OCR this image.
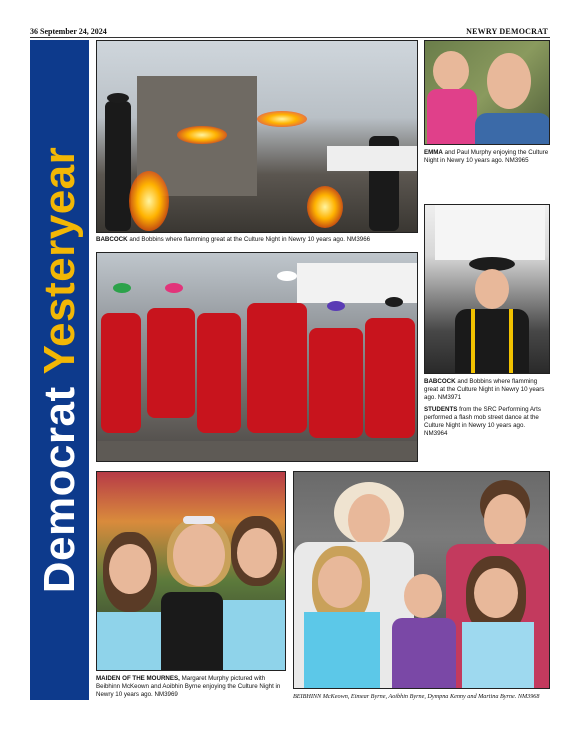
36 September 24, 2024	NEWRY DEMOCRAT
Democrat Yesteryear BABCOCK and Bobbins where flamming great at the Culture Night in Newry 10 years ago. NM3966
EMMA and Paul Murphy enjoying the Culture Night in Newry 10 years ago. NM3965
BABCOCK and Bobbins where flamming great at the Culture Night in Newry 10 years ago. NM3971
STUDENTS from the SRC Performing Arts performed a flash mob street dance at the Culture Night in Newry 10 years ago. NM3964
MAIDEN OF THE MOURNES, Margaret Murphy pictured with Beibhinn McKeown and Aoibhin Byrne enjoying the Culture Night in Newry 10 years ago. NM3969	BEIBHINN McKeown, Eimear Byrne, Aoibhin Byrne, Dympna Kenny and Martina Byrne. NM3968
